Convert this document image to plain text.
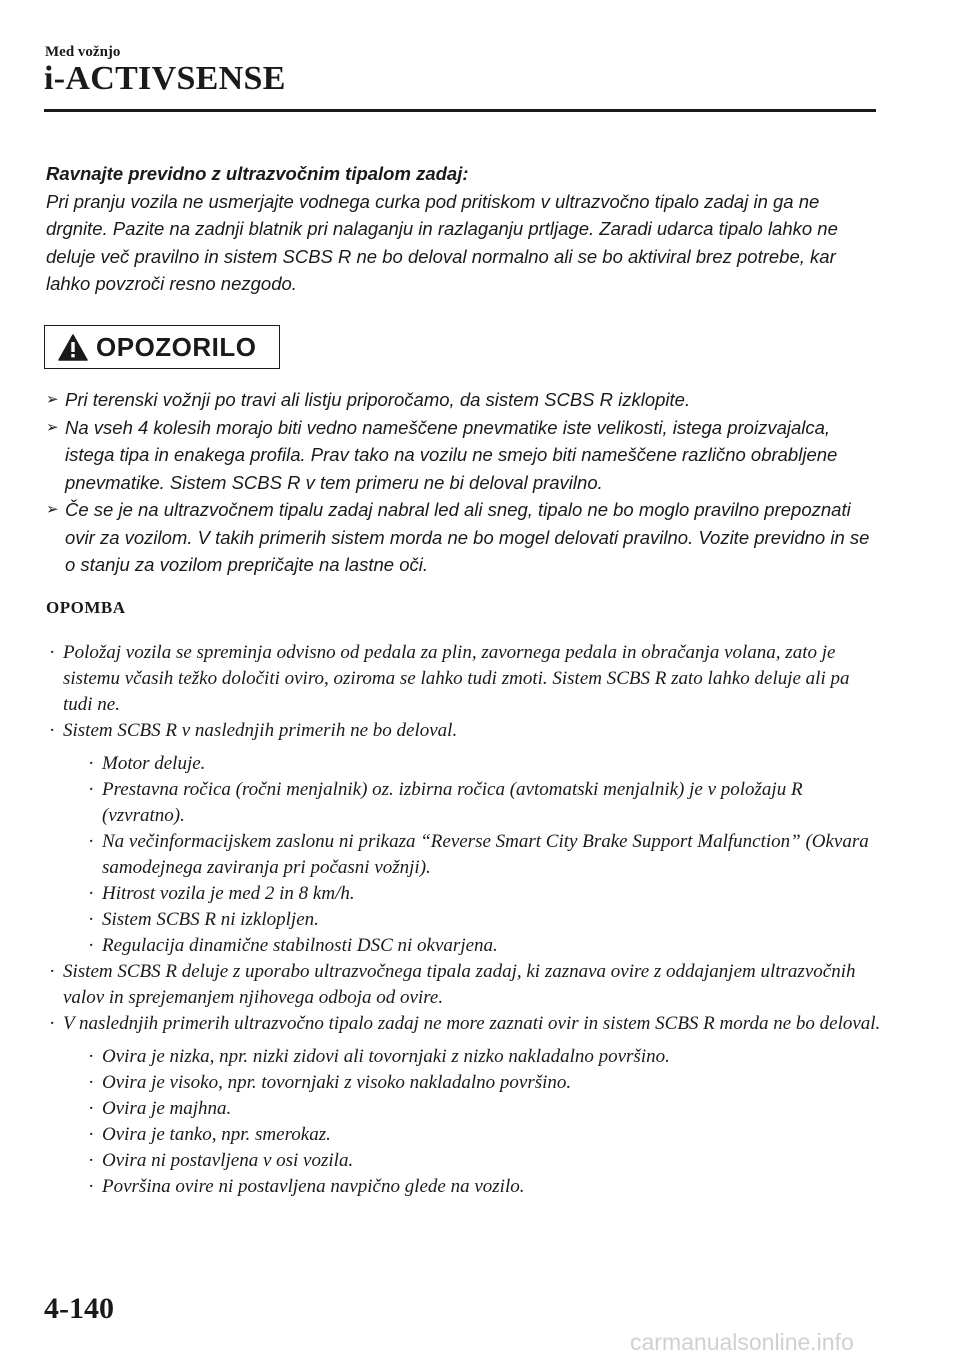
Med vožnjo
i-ACTIVSENSE
Ravnajte previdno z ultrazvočnim tipalom zadaj:
Pri pranju vozila ne usmerjajte vodnega curka pod pritiskom v ultrazvočno tipalo zadaj in ga ne drgnite. Pazite na zadnji blatnik pri nalaganju in razlaganju prtljage. Zaradi udarca tipalo lahko ne deluje več pravilno in sistem SCBS R ne bo deloval normalno ali se bo aktiviral brez potrebe, kar lahko povzroči resno nezgodo.
OPOZORILO
➢ Pri terenski vožnji po travi ali listju priporočamo, da sistem SCBS R izklopite.
➢ Na vseh 4 kolesih morajo biti vedno nameščene pnevmatike iste velikosti, istega proizvajalca, istega tipa in enakega profila. Prav tako na vozilu ne smejo biti nameščene različno obrabljene pnevmatike. Sistem SCBS R v tem primeru ne bi deloval pravilno.
➢ Če se je na ultrazvočnem tipalu zadaj nabral led ali sneg, tipalo ne bo moglo pravilno prepoznati ovir za vozilom. V takih primerih sistem morda ne bo mogel delovati pravilno. Vozite previdno in se o stanju za vozilom prepričajte na lastne oči.
OPOMBA
· Položaj vozila se spreminja odvisno od pedala za plin, zavornega pedala in obračanja volana, zato je sistemu včasih težko določiti oviro, oziroma se lahko tudi zmoti. Sistem SCBS R zato lahko deluje ali pa tudi ne.
· Sistem SCBS R v naslednjih primerih ne bo deloval.
· Motor deluje.
· Prestavna ročica (ročni menjalnik) oz. izbirna ročica (avtomatski menjalnik) je v položaju R (vzvratno).
· Na večinformacijskem zaslonu ni prikaza “Reverse Smart City Brake Support Malfunction” (Okvara samodejnega zaviranja pri počasni vožnji).
· Hitrost vozila je med 2 in 8 km/h.
· Sistem SCBS R ni izklopljen.
· Regulacija dinamične stabilnosti DSC ni okvarjena.
· Sistem SCBS R deluje z uporabo ultrazvočnega tipala zadaj, ki zaznava ovire z oddajanjem ultrazvočnih valov in sprejemanjem njihovega odboja od ovire.
· V naslednjih primerih ultrazvočno tipalo zadaj ne more zaznati ovir in sistem SCBS R morda ne bo deloval.
· Ovira je nizka, npr. nizki zidovi ali tovornjaki z nizko nakladalno površino.
· Ovira je visoko, npr. tovornjaki z visoko nakladalno površino.
· Ovira je majhna.
· Ovira je tanko, npr. smerokaz.
· Ovira ni postavljena v osi vozila.
· Površina ovire ni postavljena navpično glede na vozilo.
4-140
carmanualsonline.info
